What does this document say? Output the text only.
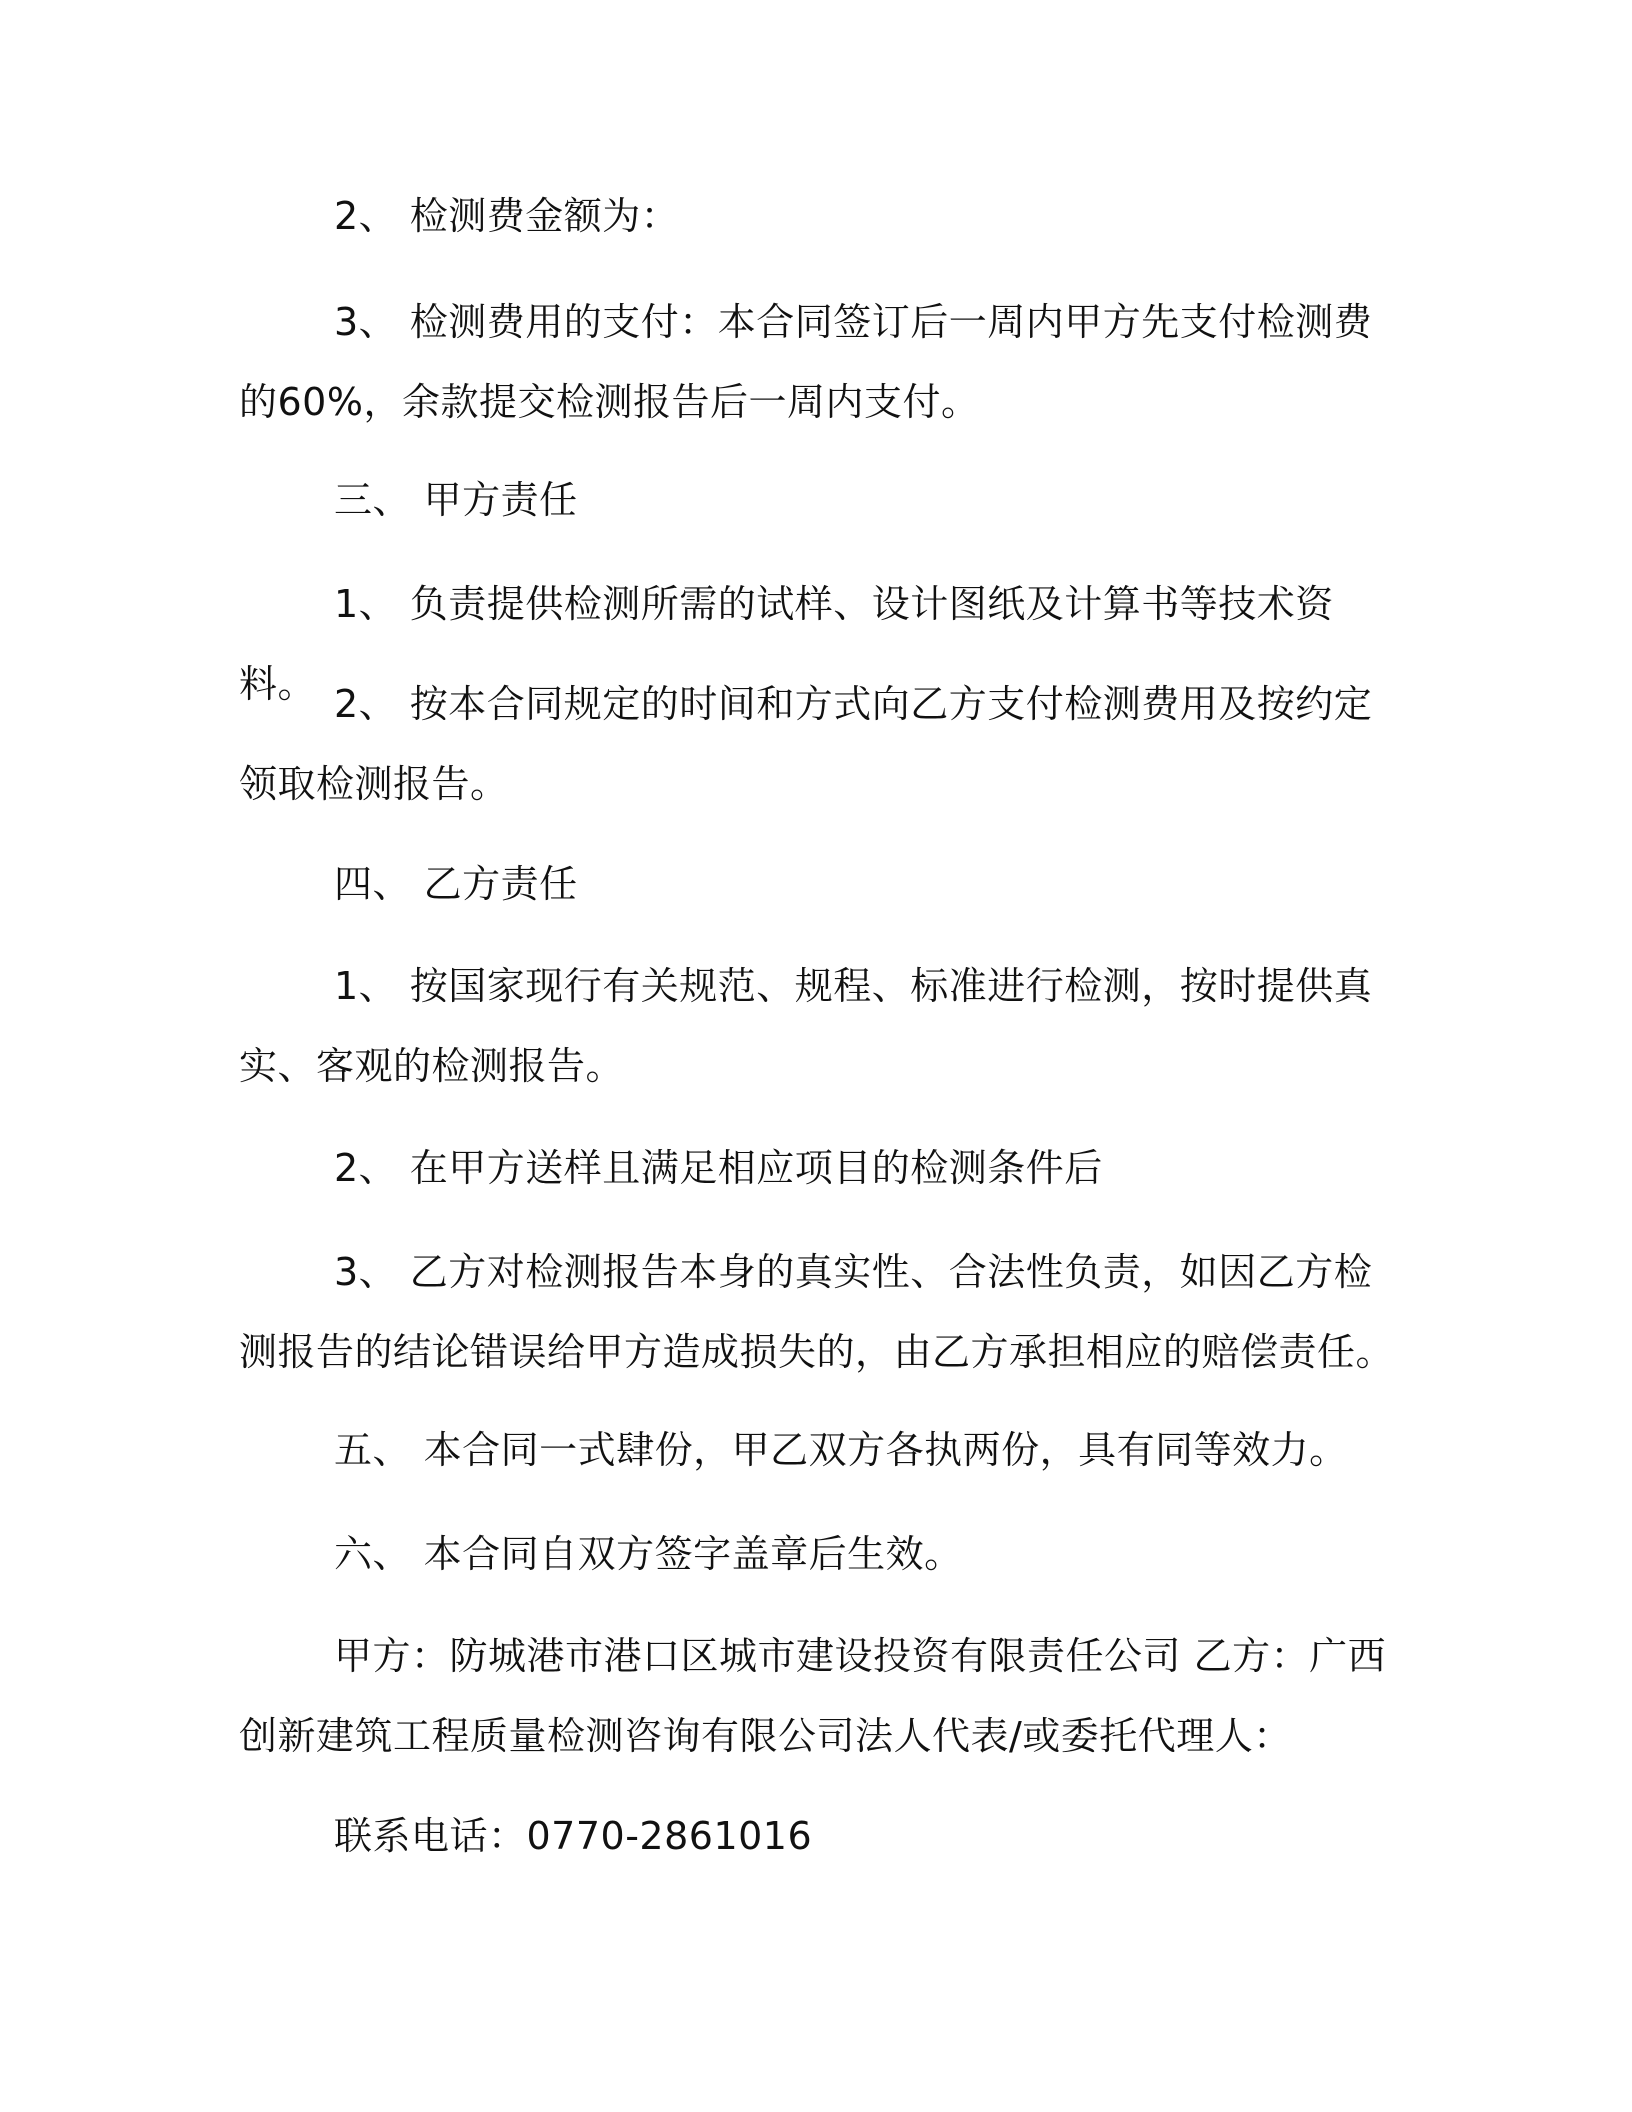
2、 检测费金额为：

3、 检测费用的支付：本合同签订后一周内甲方先支付检测费的60%，余款提交检测报告后一周内支付。

三、 甲方责任

1、 负责提供检测所需的试样、设计图纸及计算书等技术资料。 2、 按本合同规定的时间和方式向乙方支付检测费用及按约定领取检测报告。

四、 乙方责任

1、 按国家现行有关规范、规程、标准进行检测，按时提供真实、客观的检测报告。

2、 在甲方送样且满足相应项目的检测条件后

3、 乙方对检测报告本身的真实性、合法性负责，如因乙方检测报告的结论错误给甲方造成损失的，由乙方承担相应的赔偿责任。

五、 本合同一式肆份，甲乙双方各执两份，具有同等效力。

六、 本合同自双方签字盖章后生效。

甲方：防城港市港口区城市建设投资有限责任公司 乙方：广西创新建筑工程质量检测咨询有限公司法人代表/或委托代理人：

联系电话：0770-2861016
